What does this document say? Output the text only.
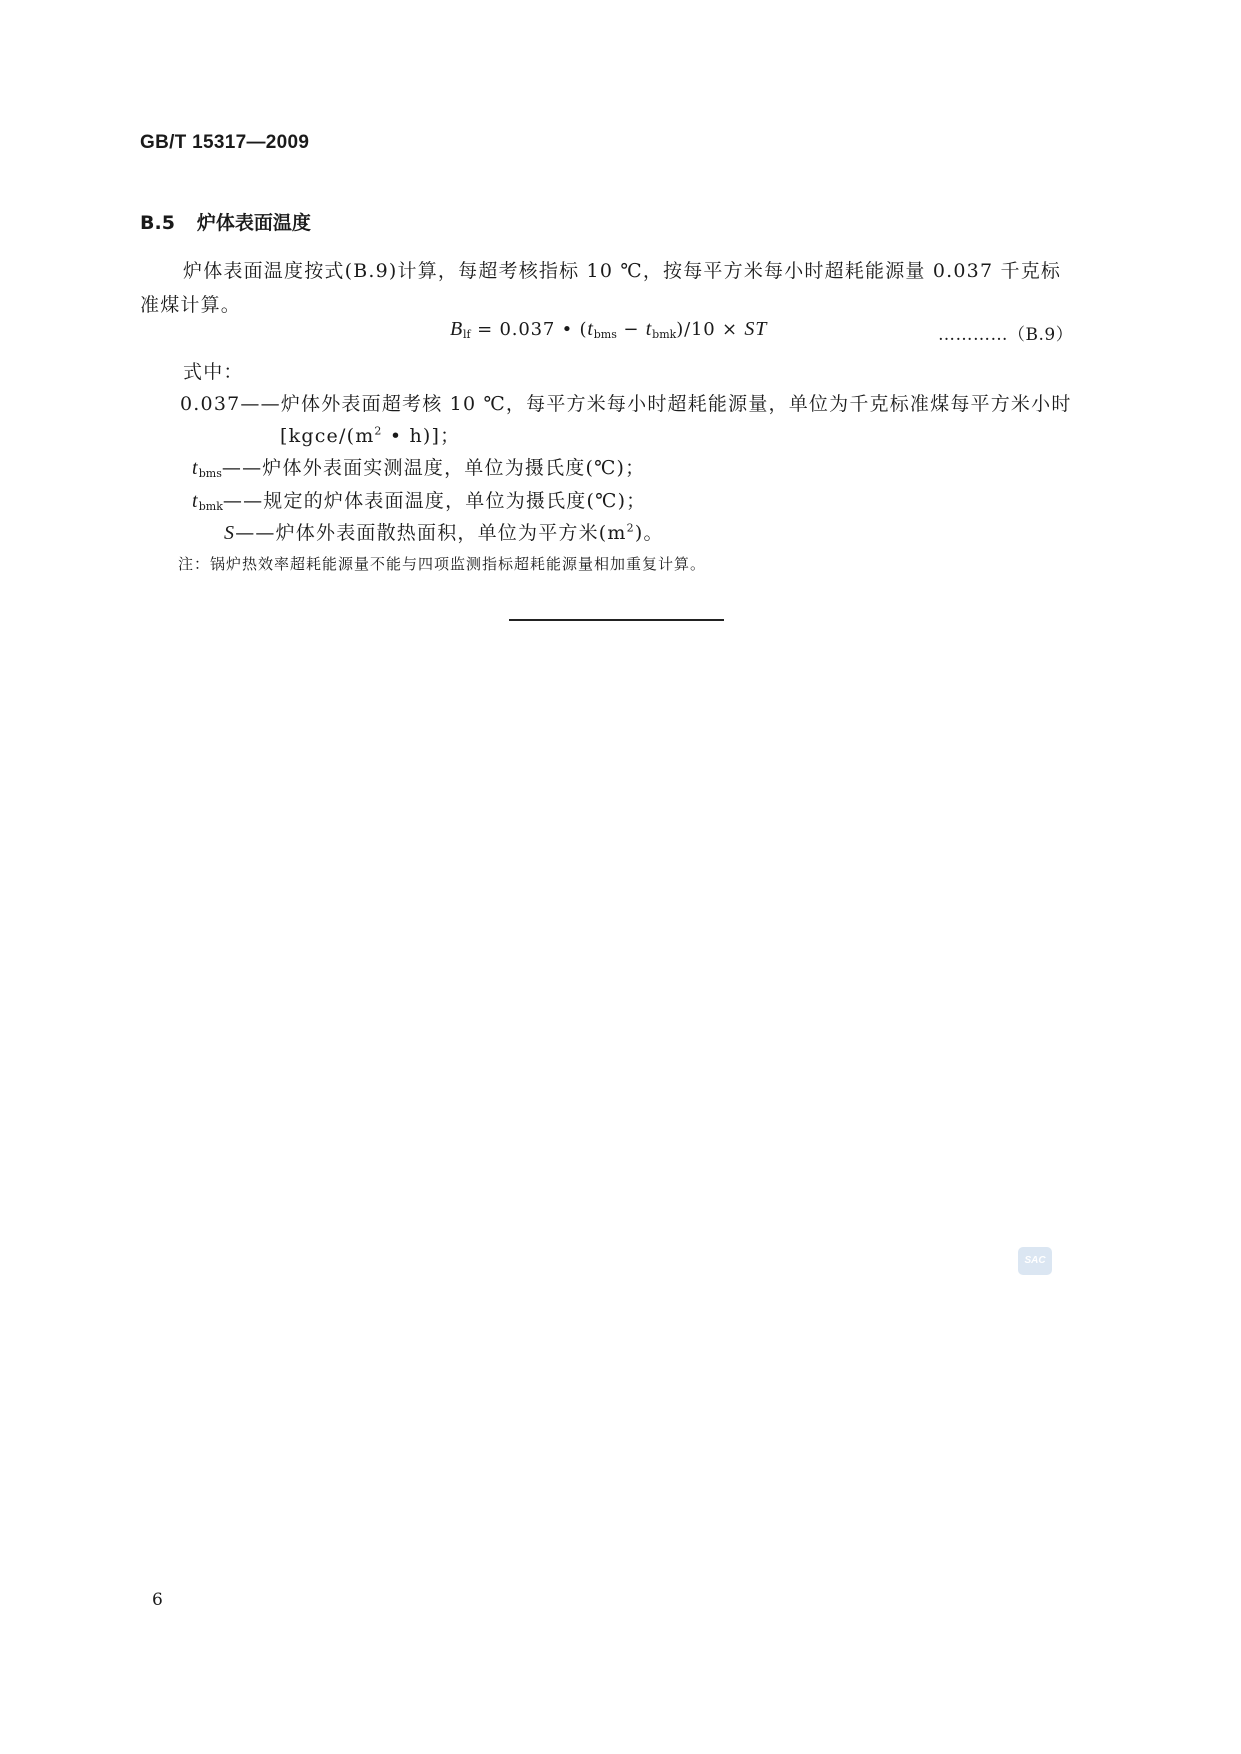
GB/T 15317—2009
B.5 炉体表面温度
炉体表面温度按式(B.9)计算，每超考核指标 10 ℃，按每平方米每小时超耗能源量 0.037 千克标
准煤计算。
$B_{lf} = 0.037$ • $(t_{bms} - t_{bmk})/10$ × ST	…………（B.9）
式中：
0.037——炉体外表面超考核 10 ℃，每平方米每小时超耗能源量，单位为千克标准煤每平方米小时
[$kgce/(m^2$ • h)]；
$t_{bms}——$炉体外表面实测温度，单位为摄氏度(℃)；
$t_{bmk}——$规定的炉体表面温度，单位为摄氏度(℃)；
S——炉体外表面散热面积，单位为平方米$(m^2)$。
注：锅炉热效率超耗能源量不能与四项监测指标超耗能源量相加重复计算。
SAC
6
